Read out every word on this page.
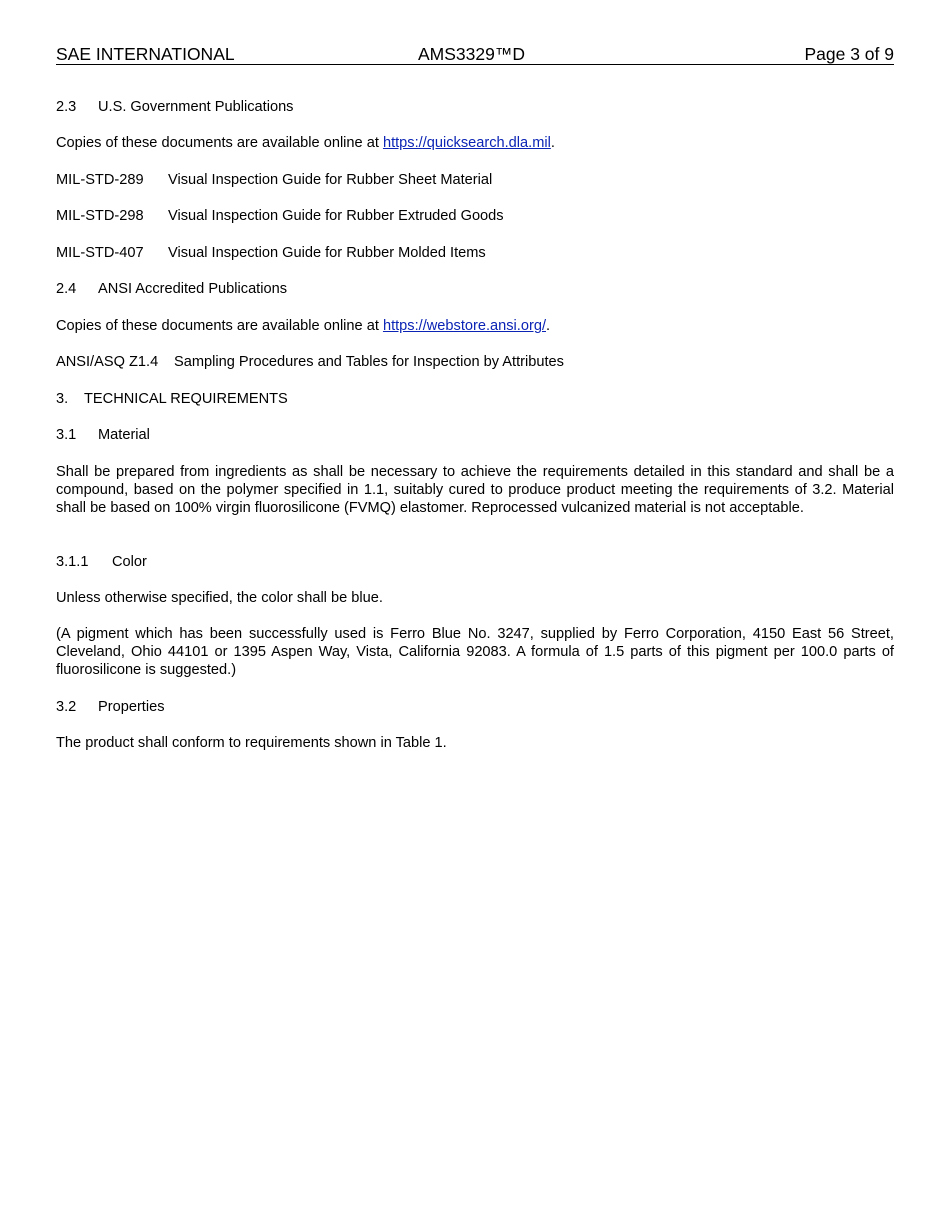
SAE INTERNATIONAL	AMS3329™D	Page 3 of 9
2.3 U.S. Government Publications
Copies of these documents are available online at https://quicksearch.dla.mil.
MIL-STD-289 Visual Inspection Guide for Rubber Sheet Material
MIL-STD-298 Visual Inspection Guide for Rubber Extruded Goods
MIL-STD-407 Visual Inspection Guide for Rubber Molded Items
2.4 ANSI Accredited Publications
Copies of these documents are available online at https://webstore.ansi.org/.
ANSI/ASQ Z1.4 Sampling Procedures and Tables for Inspection by Attributes
3. TECHNICAL REQUIREMENTS
3.1 Material
Shall be prepared from ingredients as shall be necessary to achieve the requirements detailed in this standard and shall be a compound, based on the polymer specified in 1.1, suitably cured to produce product meeting the requirements of 3.2. Material shall be based on 100% virgin fluorosilicone (FVMQ) elastomer. Reprocessed vulcanized material is not acceptable.
3.1.1 Color
Unless otherwise specified, the color shall be blue.
(A pigment which has been successfully used is Ferro Blue No. 3247, supplied by Ferro Corporation, 4150 East 56 Street, Cleveland, Ohio 44101 or 1395 Aspen Way, Vista, California 92083. A formula of 1.5 parts of this pigment per 100.0 parts of fluorosilicone is suggested.)
3.2 Properties
The product shall conform to requirements shown in Table 1.
